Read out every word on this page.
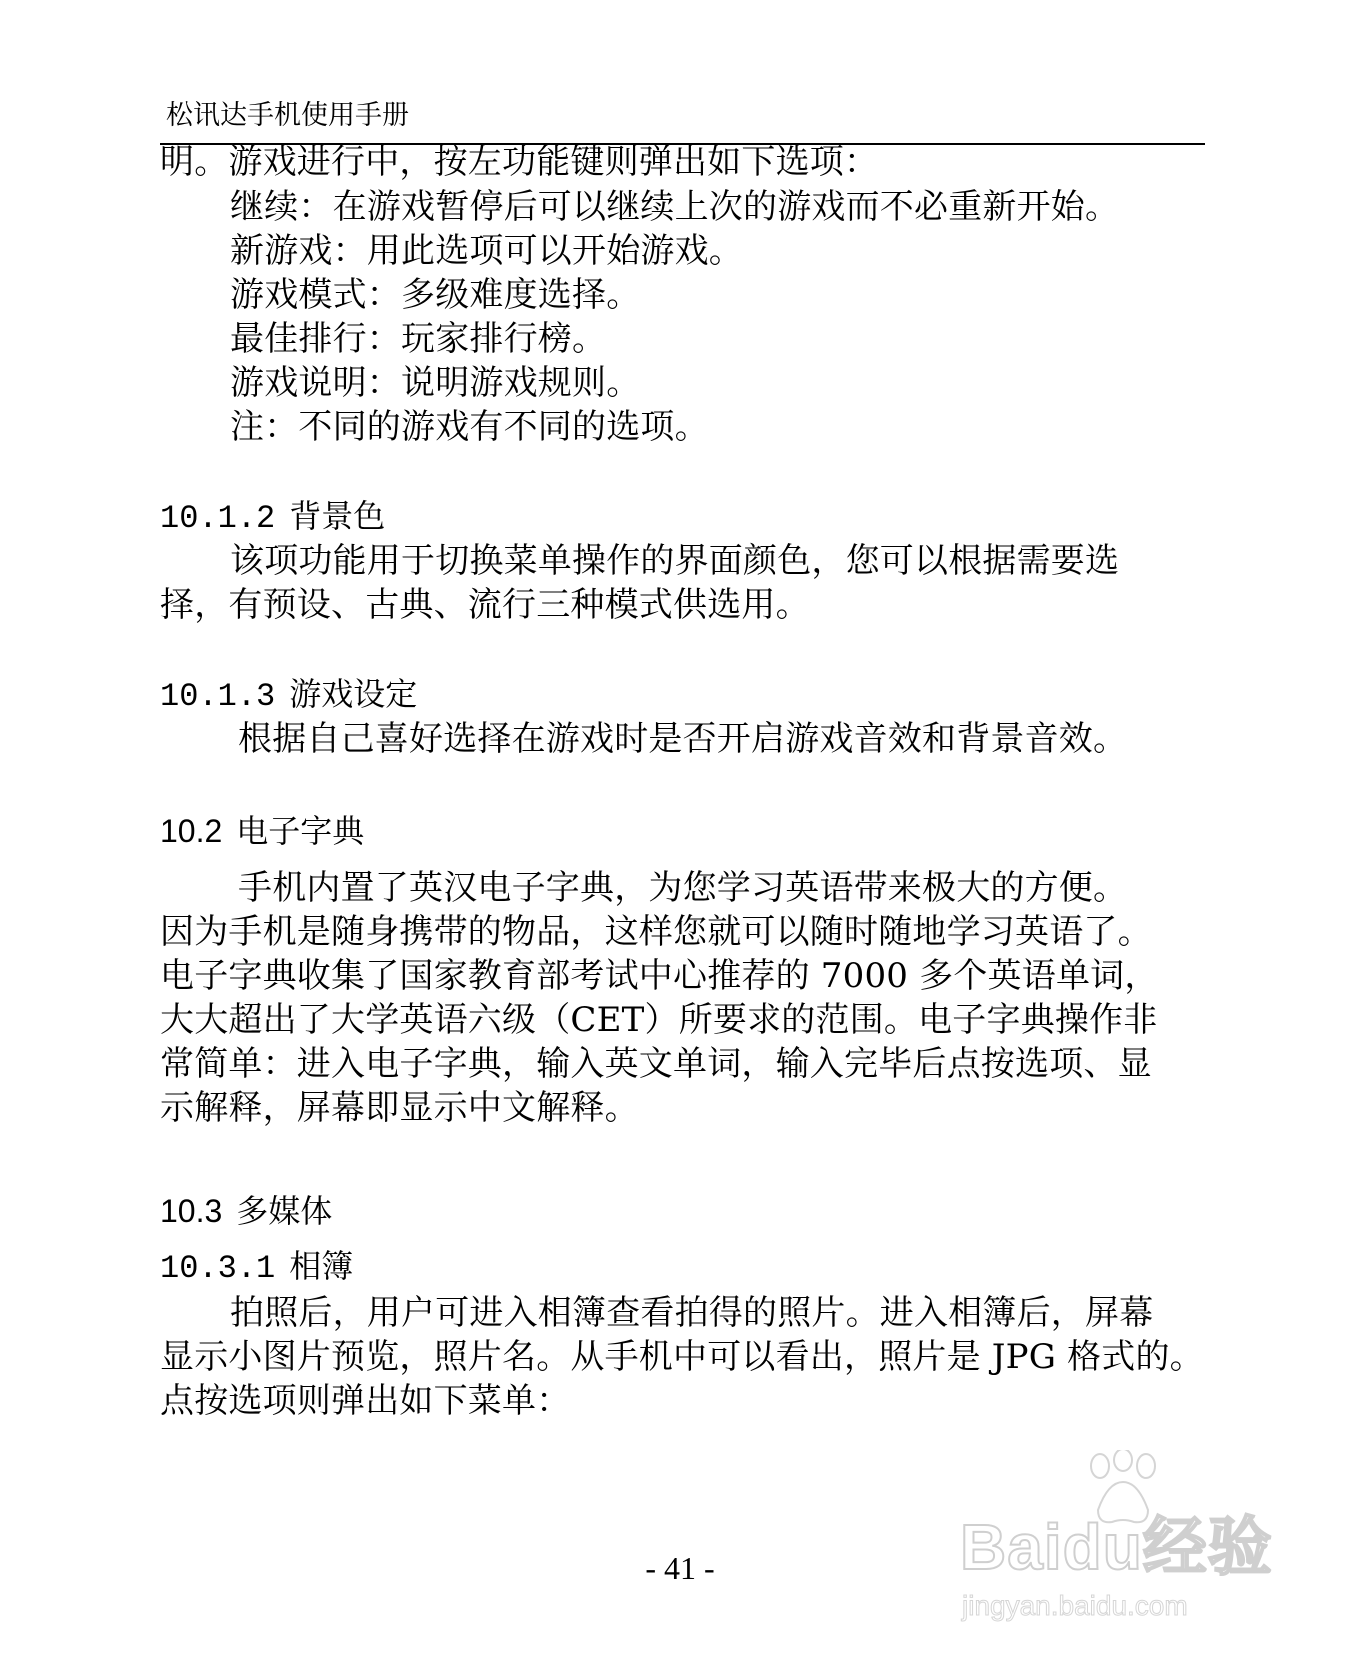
松讯达手机使用手册
明。游戏进行中，按左功能键则弹出如下选项：
继续：在游戏暂停后可以继续上次的游戏而不必重新开始。
新游戏：用此选项可以开始游戏。
游戏模式：多级难度选择。
最佳排行：玩家排行榜。
游戏说明：说明游戏规则。
注：不同的游戏有不同的选项。
10.1.2 背景色
该项功能用于切换菜单操作的界面颜色，您可以根据需要选
择，有预设、古典、流行三种模式供选用。
10.1.3 游戏设定
根据自己喜好选择在游戏时是否开启游戏音效和背景音效。
10.2 电子字典
手机内置了英汉电子字典，为您学习英语带来极大的方便。
因为手机是随身携带的物品，这样您就可以随时随地学习英语了。
电子字典收集了国家教育部考试中心推荐的 7000 多个英语单词，
大大超出了大学英语六级（CET）所要求的范围。电子字典操作非
常简单：进入电子字典，输入英文单词，输入完毕后点按选项、显
示解释，屏幕即显示中文解释。
10.3 多媒体
10.3.1 相簿
拍照后，用户可进入相簿查看拍得的照片。进入相簿后，屏幕
显示小图片预览，照片名。从手机中可以看出，照片是 JPG 格式的。
点按选项则弹出如下菜单：
- 41 -	Baidu经验
jingyan.baidu.com
